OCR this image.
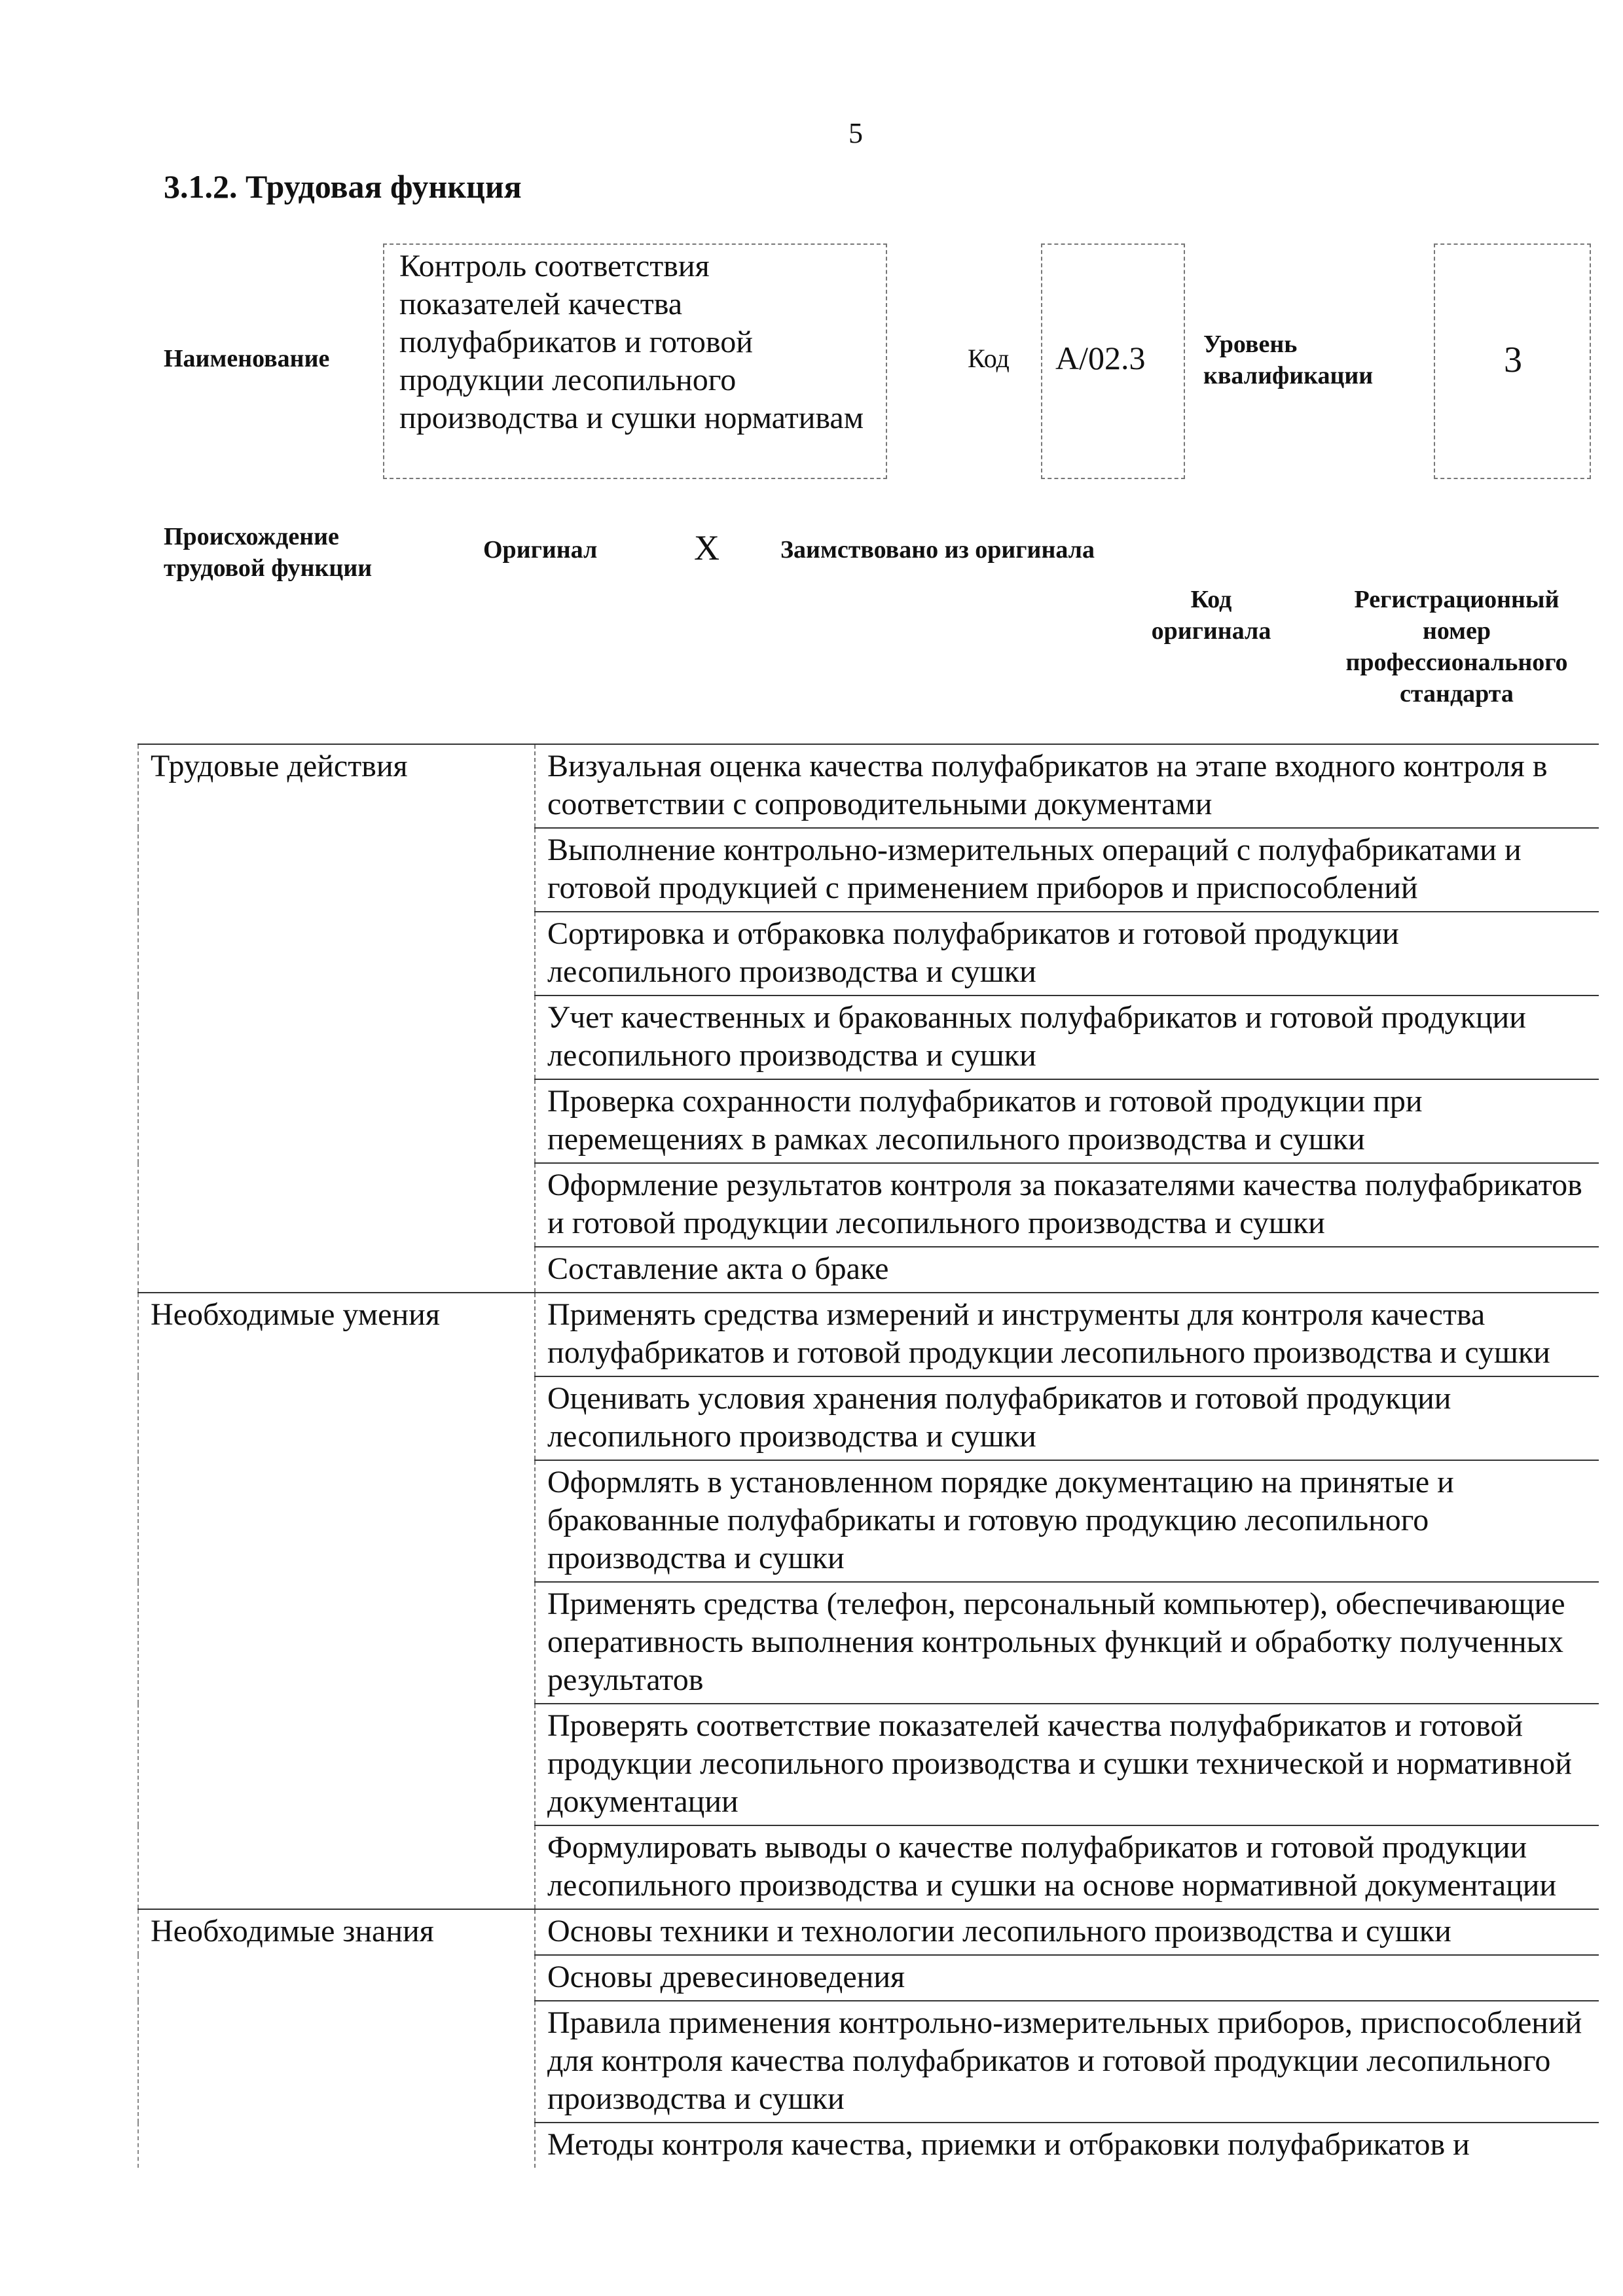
5
3.1.2. Трудовая функция
Наименование
Контроль соответствия показателей качества полуфабрикатов и готовой продукции лесопильного производства и сушки нормативам
Код A/02.3 Уровень квалификации	3
Происхождение трудовой функции
Оригинал	X Заимствовано из оригинала
Код оригинала
Регистрационный номер профессионального стандарта
Трудовые действия	Визуальная оценка качества полуфабрикатов на этапе входного контроля в соответствии с сопроводительными документами
	Выполнение контрольно-измерительных операций с полуфабрикатами и готовой продукцией с применением приборов и приспособлений
	Сортировка и отбраковка полуфабрикатов и готовой продукции лесопильного производства и сушки
	Учет качественных и бракованных полуфабрикатов и готовой продукции лесопильного производства и сушки
	Проверка сохранности полуфабрикатов и готовой продукции при перемещениях в рамках лесопильного производства и сушки
	Оформление результатов контроля за показателями качества полуфабрикатов и готовой продукции лесопильного производства и сушки
	Составление акта о браке
Необходимые умения	Применять средства измерений и инструменты для контроля качества полуфабрикатов и готовой продукции лесопильного производства и сушки
	Оценивать условия хранения полуфабрикатов и готовой продукции лесопильного производства и сушки
	Оформлять в установленном порядке документацию на принятые и бракованные полуфабрикаты и готовую продукцию лесопильного производства и сушки
	Применять средства (телефон, персональный компьютер), обеспечивающие оперативность выполнения контрольных функций и обработку полученных результатов
	Проверять соответствие показателей качества полуфабрикатов и готовой продукции лесопильного производства и сушки технической и нормативной документации
	Формулировать выводы о качестве полуфабрикатов и готовой продукции лесопильного производства и сушки на основе нормативной документации
Необходимые знания	Основы техники и технологии лесопильного производства и сушки
	Основы древесиноведения
	Правила применения контрольно-измерительных приборов, приспособлений для контроля качества полуфабрикатов и готовой продукции лесопильного производства и сушки
	Методы контроля качества, приемки и отбраковки полуфабрикатов и
